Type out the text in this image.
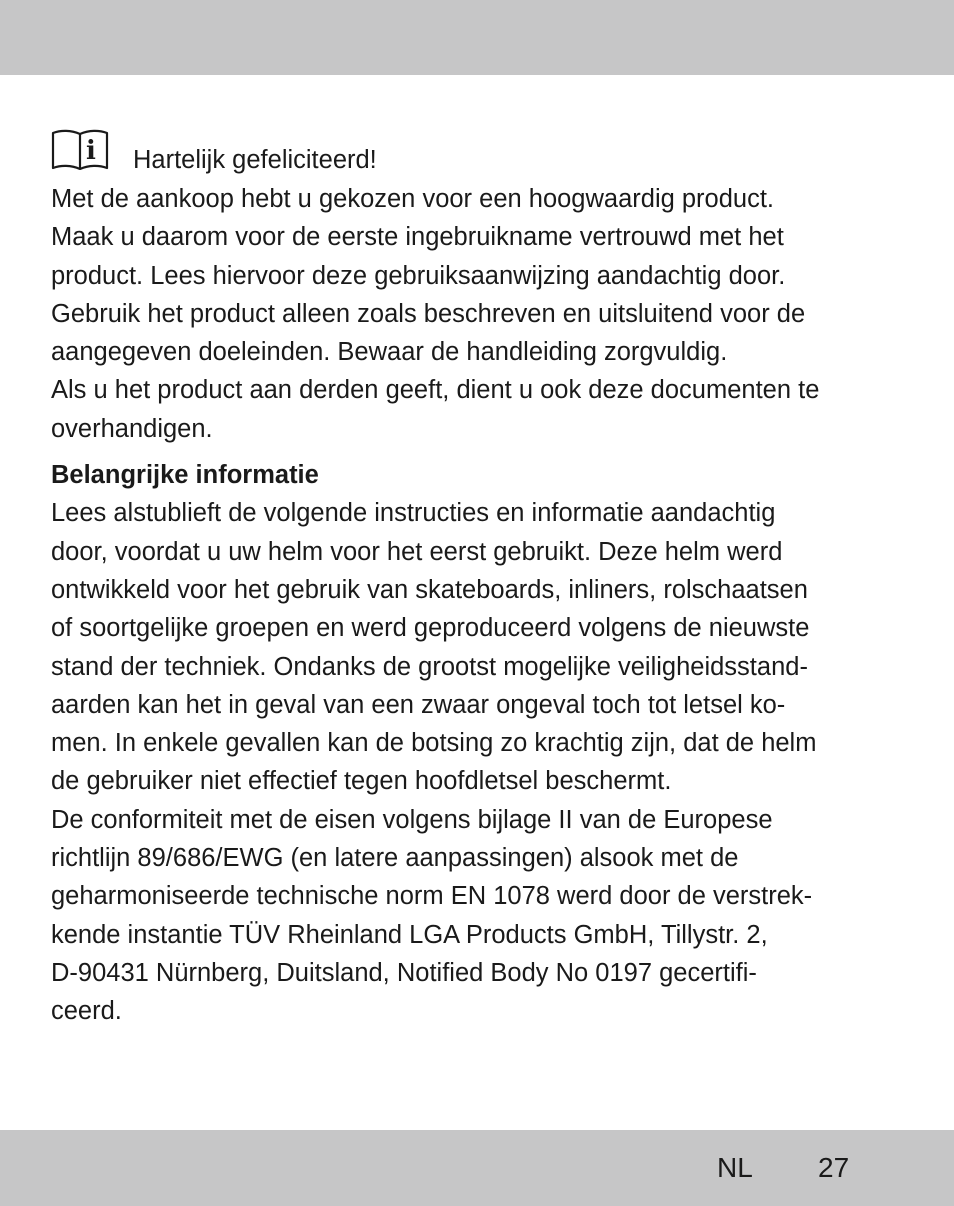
i Hartelijk gefeliciteerd!
Met de aankoop hebt u gekozen voor een hoogwaardig product.
Maak u daarom voor de eerste ingebruikname vertrouwd met het
product. Lees hiervoor deze gebruiksaanwijzing aandachtig door.
Gebruik het product alleen zoals beschreven en uitsluitend voor de
aangegeven doeleinden. Bewaar de handleiding zorgvuldig.
Als u het product aan derden geeft, dient u ook deze documenten te
overhandigen.
Belangrijke informatie
Lees alstublieft de volgende instructies en informatie aandachtig
door, voordat u uw helm voor het eerst gebruikt. Deze helm werd
ontwikkeld voor het gebruik van skateboards, inliners, rolschaatsen
of soortgelijke groepen en werd geproduceerd volgens de nieuwste
stand der techniek. Ondanks de grootst mogelijke veiligheidsstand-
aarden kan het in geval van een zwaar ongeval toch tot letsel ko-
men. In enkele gevallen kan de botsing zo krachtig zijn, dat de helm
de gebruiker niet effectief tegen hoofdletsel beschermt.
De conformiteit met de eisen volgens bijlage II van de Europese
richtlijn 89/686/EWG (en latere aanpassingen) alsook met de
geharmoniseerde technische norm EN 1078 werd door de verstrek-
kende instantie TÜV Rheinland LGA Products GmbH, Tillystr. 2,
D-90431 Nürnberg, Duitsland, Notified Body No 0197 gecertifi-
ceerd.
NL 27
